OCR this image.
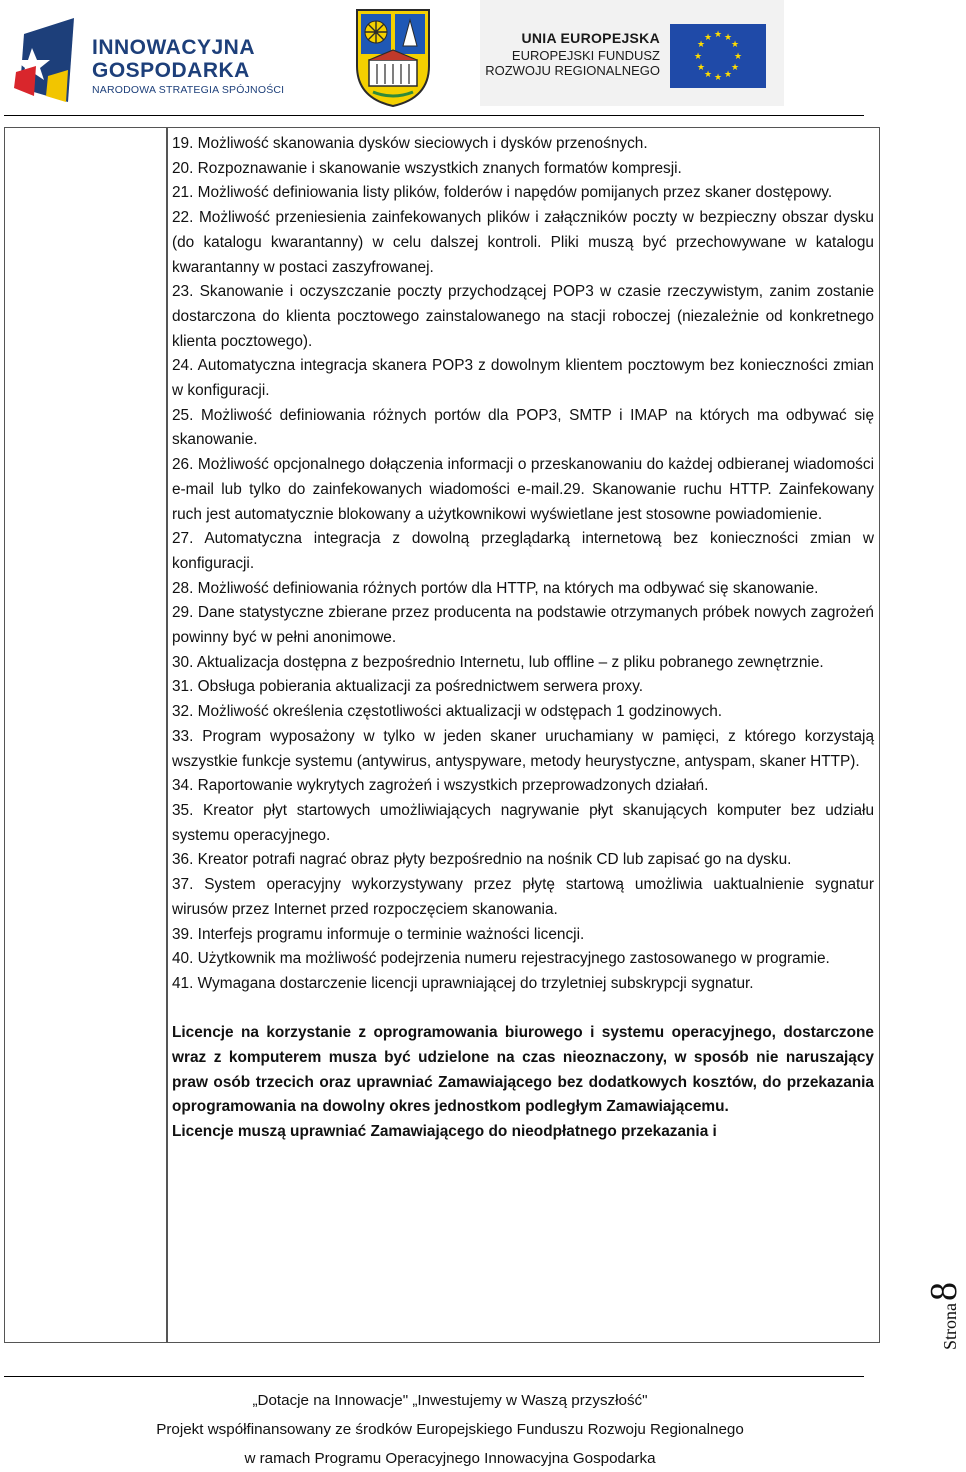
INNOWACYJNA
GOSPODARKA
NARODOWA STRATEGIA SPÓJNOŚCI
UNIA EUROPEJSKA
EUROPEJSKI FUNDUSZ
ROZWOJU REGIONALNEGO
★ ★
★
★
★
★
★
★
★
★
★
★

19. Możliwość skanowania dysków sieciowych i dysków przenośnych.

20. Rozpoznawanie i skanowanie wszystkich znanych formatów kompresji.

21. Możliwość definiowania listy plików, folderów i napędów pomijanych przez skaner dostępowy.

22. Możliwość przeniesienia zainfekowanych plików i załączników poczty w bezpieczny obszar dysku (do katalogu kwarantanny) w celu dalszej kontroli. Pliki muszą być przechowywane w katalogu kwarantanny w postaci zaszyfrowanej.

23. Skanowanie i oczyszczanie poczty przychodzącej POP3 w czasie rzeczywistym, zanim zostanie dostarczona do klienta pocztowego zainstalowanego na stacji roboczej (niezależnie od konkretnego klienta pocztowego).

24. Automatyczna integracja skanera POP3 z dowolnym klientem pocztowym bez konieczności zmian w konfiguracji.

25. Możliwość definiowania różnych portów dla POP3, SMTP i IMAP na których ma odbywać się skanowanie.

26. Możliwość opcjonalnego dołączenia informacji o przeskanowaniu do każdej odbieranej wiadomości e-mail lub tylko do zainfekowanych wiadomości e-mail.29. Skanowanie ruchu HTTP. Zainfekowany ruch jest automatycznie blokowany a użytkownikowi wyświetlane jest stosowne powiadomienie.

27. Automatyczna integracja z dowolną przeglądarką internetową bez konieczności zmian w konfiguracji.

28. Możliwość definiowania różnych portów dla HTTP, na których ma odbywać się skanowanie.

29. Dane statystyczne zbierane przez producenta na podstawie otrzymanych próbek nowych zagrożeń powinny być w pełni anonimowe.

30. Aktualizacja dostępna z bezpośrednio Internetu, lub offline – z pliku pobranego zewnętrznie.

31. Obsługa pobierania aktualizacji za pośrednictwem serwera proxy.

32. Możliwość określenia częstotliwości aktualizacji w odstępach 1 godzinowych.

33. Program wyposażony w tylko w jeden skaner uruchamiany w pamięci, z którego korzystają wszystkie funkcje systemu (antywirus, antyspyware, metody heurystyczne, antyspam, skaner HTTP).

34. Raportowanie wykrytych zagrożeń i wszystkich przeprowadzonych działań.

35. Kreator płyt startowych umożliwiających nagrywanie płyt skanujących komputer bez udziału systemu operacyjnego.

36. Kreator potrafi nagrać obraz płyty bezpośrednio na nośnik CD lub zapisać go na dysku.

37. System operacyjny wykorzystywany przez płytę startową umożliwia uaktualnienie sygnatur wirusów przez Internet przed rozpoczęciem skanowania.

39. Interfejs programu informuje o terminie ważności licencji.

40. Użytkownik ma możliwość podejrzenia numeru rejestracyjnego zastosowanego w programie.

41. Wymagana dostarczenie licencji uprawniającej do trzyletniej subskrypcji sygnatur.

Licencje na korzystanie z oprogramowania biurowego i systemu operacyjnego, dostarczone wraz z komputerem musza być udzielone na czas nieoznaczony, w sposób nie naruszający praw osób trzecich oraz uprawniać Zamawiającego bez dodatkowych kosztów, do przekazania oprogramowania na dowolny okres jednostkom podległym Zamawiającemu.

Licencje muszą uprawniać Zamawiającego do nieodpłatnego przekazania i

Strona8
„Dotacje na Innowacje" „Inwestujemy w Waszą przyszłość"
Projekt współfinansowany ze środków Europejskiego Funduszu Rozwoju Regionalnego
w ramach Programu Operacyjnego Innowacyjna Gospodarka
